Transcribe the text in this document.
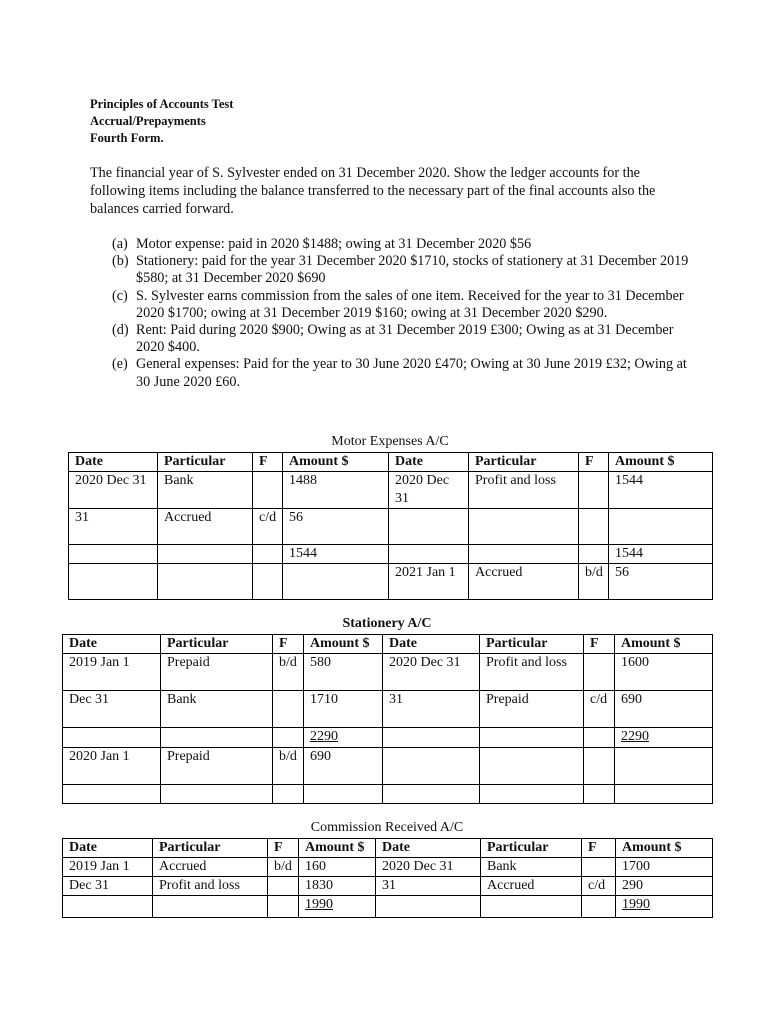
Principles of Accounts Test
Accrual/Prepayments
Fourth Form.
The financial year of S. Sylvester ended on 31 December 2020. Show the ledger accounts for the following items including the balance transferred to the necessary part of the final accounts also the balances carried forward.
(a) Motor expense: paid in 2020 $1488; owing at 31 December 2020 $56
(b) Stationery: paid for the year 31 December 2020 $1710, stocks of stationery at 31 December 2019 $580; at 31 December 2020 $690
(c) S. Sylvester earns commission from the sales of one item. Received for the year to 31 December 2020 $1700; owing at 31 December 2019 $160; owing at 31 December 2020 $290.
(d) Rent: Paid during 2020 $900; Owing as at 31 December 2019 £300; Owing as at 31 December 2020 $400.
(e) General expenses: Paid for the year to 30 June 2020 £470; Owing at 30 June 2019 £32; Owing at 30 June 2020 £60.
Motor Expenses A/C
Date	Particular	F	Amount $	Date	Particular	F	Amount $
2020 Dec 31	Bank		1488	2020 Dec 31	Profit and loss		1544
31	Accrued	c/d	56				
			1544				1544
				2021 Jan 1	Accrued	b/d	56
Stationery A/C
Date	Particular	F	Amount $	Date	Particular	F	Amount $
2019 Jan 1	Prepaid	b/d	580	2020 Dec 31	Profit and loss		1600
Dec 31	Bank		1710	31	Prepaid	c/d	690
			2290				2290
2020 Jan 1	Prepaid	b/d	690				

Commission Received A/C
Date	Particular	F	Amount $	Date	Particular	F	Amount $
2019 Jan 1	Accrued	b/d	160	2020 Dec 31	Bank		1700
Dec 31	Profit and loss		1830	31	Accrued	c/d	290
			1990				1990
